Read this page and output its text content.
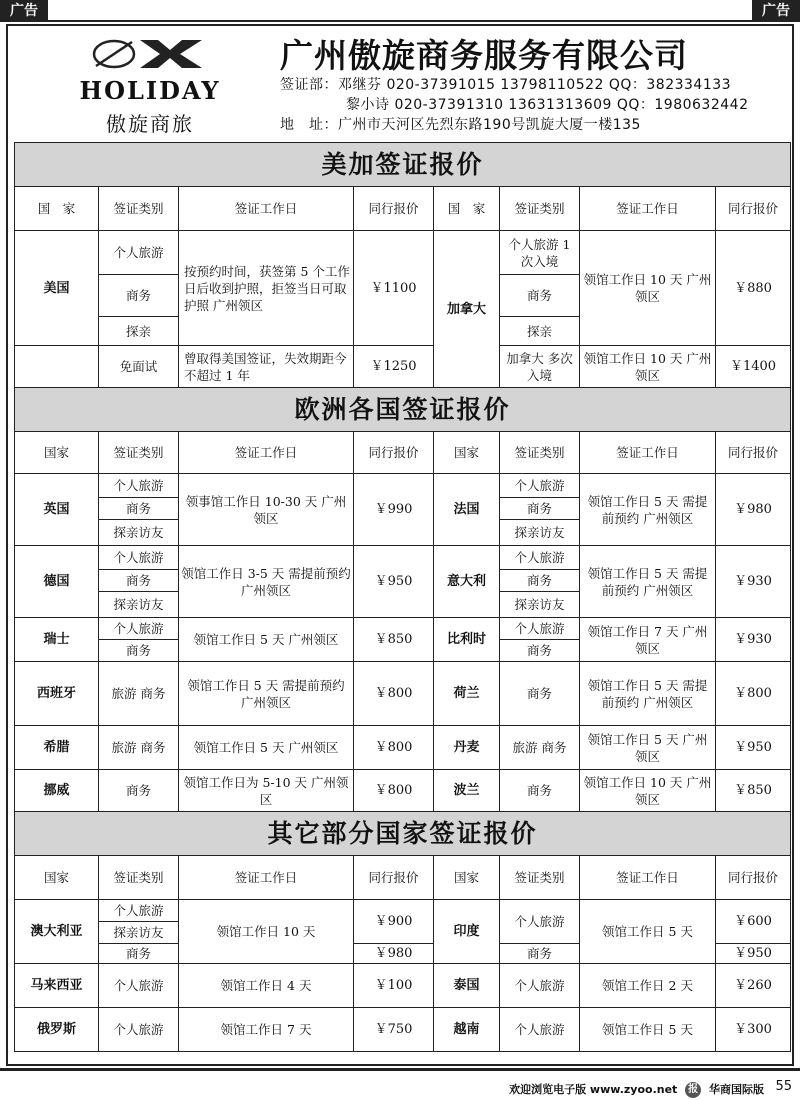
广告	广告
HOLIDAY
傲旋商旅
广州傲旋商务服务有限公司
签证部：邓继芬 020-37391015 13798110522 QQ：382334133
黎小诗 020-37391310 13631313609 QQ：1980632442
地　址：广州市天河区先烈东路190号凯旋大厦一楼135
美加签证报价							
国　家	签证类别	签证工作日	同行报价	国　家	签证类别	签证工作日	同行报价
美国	个人旅游	按预约时间，获签第 5 个工作日后收到护照，拒签当日可取护照 广州领区	￥1100	加拿大	个人旅游 1 次入境	领馆工作日 10 天 广州领区	￥880
	商务				商务		
	探亲				探亲		
	免面试	曾取得美国签证，失效期距今不超过 1 年	￥1250		加拿大 多次入境	领馆工作日 10 天 广州领区	￥1400
欧洲各国签证报价							
国家	签证类别	签证工作日	同行报价	国家	签证类别	签证工作日	同行报价
英国	个人旅游	领事馆工作日 10-30 天 广州领区	￥990	法国	个人旅游	领馆工作日 5 天 需提前预约 广州领区	￥980
	商务				商务		
	探亲访友				探亲访友		
德国	个人旅游	领馆工作日 3-5 天 需提前预约 广州领区	￥950	意大利	个人旅游	领馆工作日 5 天 需提前预约 广州领区	￥930
	商务				商务		
	探亲访友				探亲访友		
瑞士	个人旅游	领馆工作日 5 天 广州领区	￥850	比利时	个人旅游	领馆工作日 7 天 广州领区	￥930
	商务				商务		
西班牙	旅游 商务	领馆工作日 5 天 需提前预约 广州领区	￥800	荷兰	商务	领馆工作日 5 天 需提前预约 广州领区	￥800
希腊	旅游 商务	领馆工作日 5 天 广州领区	￥800	丹麦	旅游 商务	领馆工作日 5 天 广州领区	￥950
挪威	商务	领馆工作日为 5-10 天 广州领区	￥800	波兰	商务	领馆工作日 10 天 广州领区	￥850
其它部分国家签证报价							
国家	签证类别	签证工作日	同行报价	国家	签证类别	签证工作日	同行报价
澳大利亚	个人旅游	领馆工作日 10 天	￥900	印度	个人旅游	领馆工作日 5 天	￥600
	探亲访友						
	商务		￥980		商务		￥950
马来西亚	个人旅游	领馆工作日 4 天	￥100	泰国	个人旅游	领馆工作日 2 天	￥260
俄罗斯	个人旅游	领馆工作日 7 天	￥750	越南	个人旅游	领馆工作日 5 天	￥300
欢迎浏览电子版 www.zyoo.net 报 华商国际版 55
